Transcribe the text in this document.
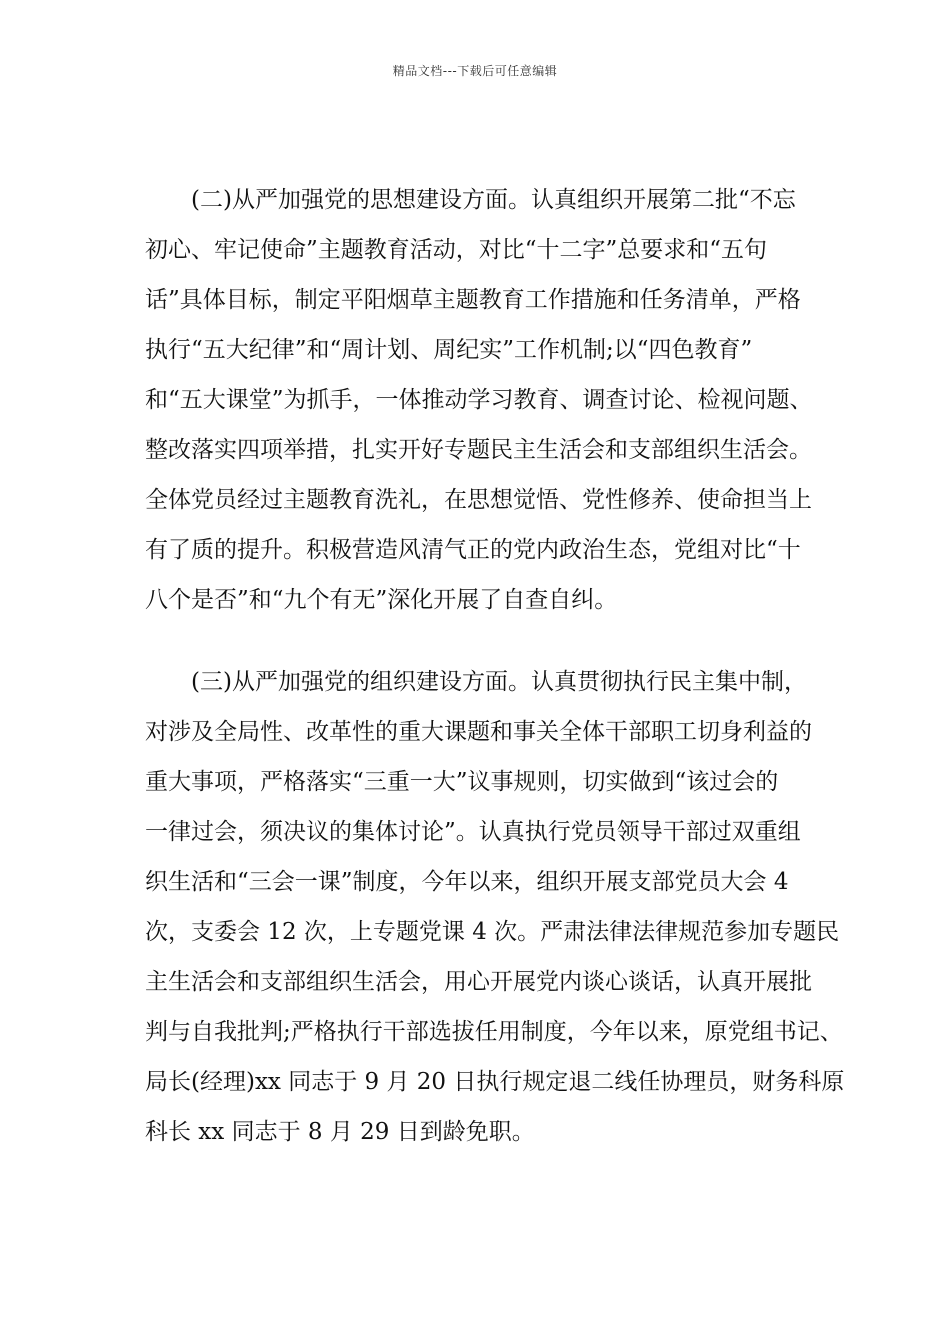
精品文档---下载后可任意编辑
(二)从严加强党的思想建设方面。认真组织开展第二批“不忘
初心、牢记使命”主题教育活动，对比“十二字”总要求和“五句
话”具体目标，制定平阳烟草主题教育工作措施和任务清单，严格
执行“五大纪律”和“周计划、周纪实”工作机制;以“四色教育”
和“五大课堂”为抓手，一体推动学习教育、调查讨论、检视问题、
整改落实四项举措，扎实开好专题民主生活会和支部组织生活会。
全体党员经过主题教育洗礼，在思想觉悟、党性修养、使命担当上
有了质的提升。积极营造风清气正的党内政治生态，党组对比“十
八个是否”和“九个有无”深化开展了自查自纠。
(三)从严加强党的组织建设方面。认真贯彻执行民主集中制，
对涉及全局性、改革性的重大课题和事关全体干部职工切身利益的
重大事项，严格落实“三重一大”议事规则，切实做到“该过会的
一律过会，须决议的集体讨论”。认真执行党员领导干部过双重组
织生活和“三会一课”制度，今年以来，组织开展支部党员大会 4
次，支委会 12 次，上专题党课 4 次。严肃法律法律规范参加专题民
主生活会和支部组织生活会，用心开展党内谈心谈话，认真开展批
判与自我批判;严格执行干部选拔任用制度，今年以来，原党组书记、
局长(经理)xx 同志于 9 月 20 日执行规定退二线任协理员，财务科原
科长 xx 同志于 8 月 29 日到龄免职。
